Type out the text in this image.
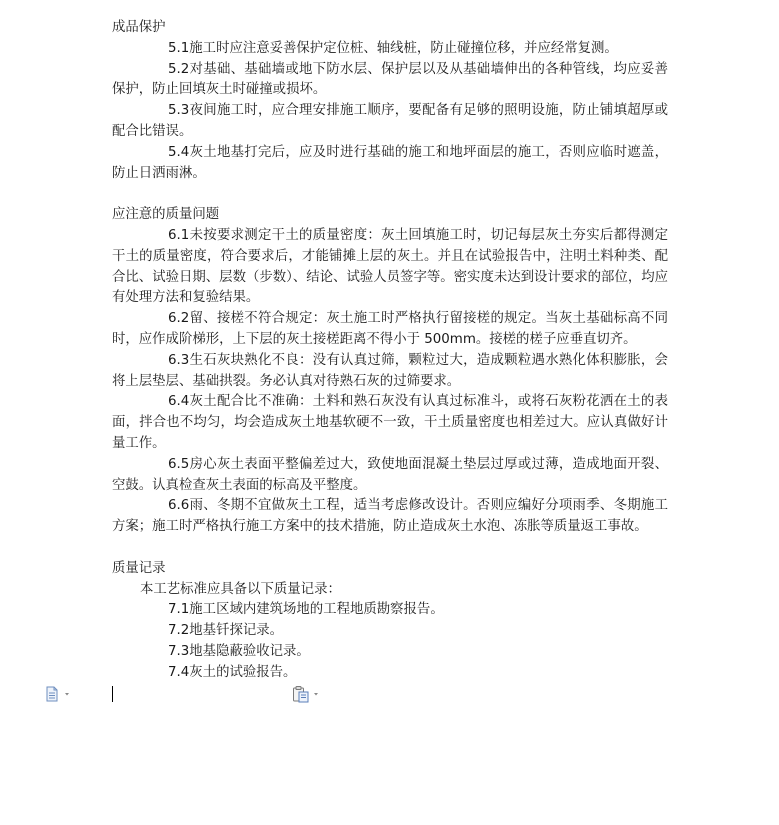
成品保护

5.1施工时应注意妥善保护定位桩、轴线桩，防止碰撞位移，并应经常复测。

5.2对基础、基础墙或地下防水层、保护层以及从基础墙伸出的各种管线，均应妥善保护，防止回填灰土时碰撞或损坏。

5.3夜间施工时，应合理安排施工顺序，要配备有足够的照明设施，防止铺填超厚或配合比错误。

5.4灰土地基打完后，应及时进行基础的施工和地坪面层的施工，否则应临时遮盖，防止日洒雨淋。

应注意的质量问题

6.1未按要求测定干土的质量密度：灰土回填施工时，切记每层灰土夯实后都得测定干土的质量密度，符合要求后，才能铺摊上层的灰土。并且在试验报告中，注明土料种类、配合比、试验日期、层数（步数）、结论、试验人员签字等。密实度未达到设计要求的部位，均应有处理方法和复验结果。

6.2留、接槎不符合规定：灰土施工时严格执行留接槎的规定。当灰土基础标高不同时，应作成阶梯形，上下层的灰土接槎距离不得小于 500mm。接槎的槎子应垂直切齐。

6.3生石灰块熟化不良：没有认真过筛，颗粒过大，造成颗粒遇水熟化体积膨胀，会将上层垫层、基础拱裂。务必认真对待熟石灰的过筛要求。

6.4灰土配合比不准确：土料和熟石灰没有认真过标准斗，或将石灰粉花洒在土的表面，拌合也不均匀，均会造成灰土地基软硬不一致，干土质量密度也相差过大。应认真做好计量工作。

6.5房心灰土表面平整偏差过大，致使地面混凝土垫层过厚或过薄，造成地面开裂、空鼓。认真检查灰土表面的标高及平整度。

6.6雨、冬期不宜做灰土工程，适当考虑修改设计。否则应编好分项雨季、冬期施工方案；施工时严格执行施工方案中的技术措施，防止造成灰土水泡、冻胀等质量返工事故。

质量记录

本工艺标准应具备以下质量记录：

7.1施工区域内建筑场地的工程地质勘察报告。

7.2地基钎探记录。

7.3地基隐蔽验收记录。

7.4灰土的试验报告。
